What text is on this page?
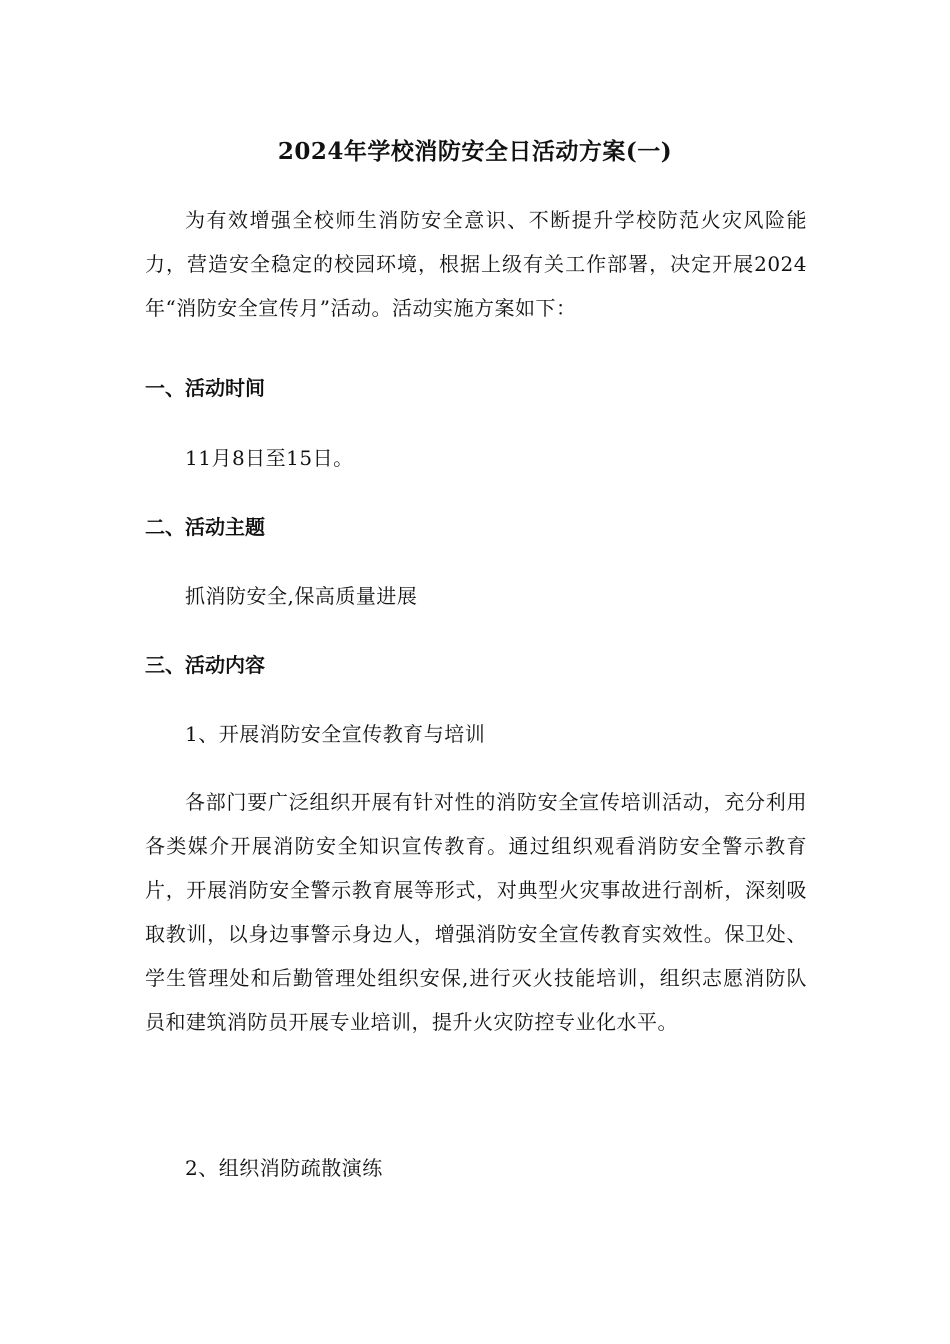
2024年学校消防安全日活动方案(一)

为有效增强全校师生消防安全意识、不断提升学校防范火灾风险能力，营造安全稳定的校园环境，根据上级有关工作部署，决定开展2024年“消防安全宣传月”活动。活动实施方案如下：

一、活动时间

11月8日至15日。

二、活动主题

抓消防安全,保高质量进展

三、活动内容

1、开展消防安全宣传教育与培训

各部门要广泛组织开展有针对性的消防安全宣传培训活动，充分利用各类媒介开展消防安全知识宣传教育。通过组织观看消防安全警示教育片，开展消防安全警示教育展等形式，对典型火灾事故进行剖析，深刻吸取教训，以身边事警示身边人，增强消防安全宣传教育实效性。保卫处、学生管理处和后勤管理处组织安保,进行灭火技能培训，组织志愿消防队员和建筑消防员开展专业培训，提升火灾防控专业化水平。

2、组织消防疏散演练
